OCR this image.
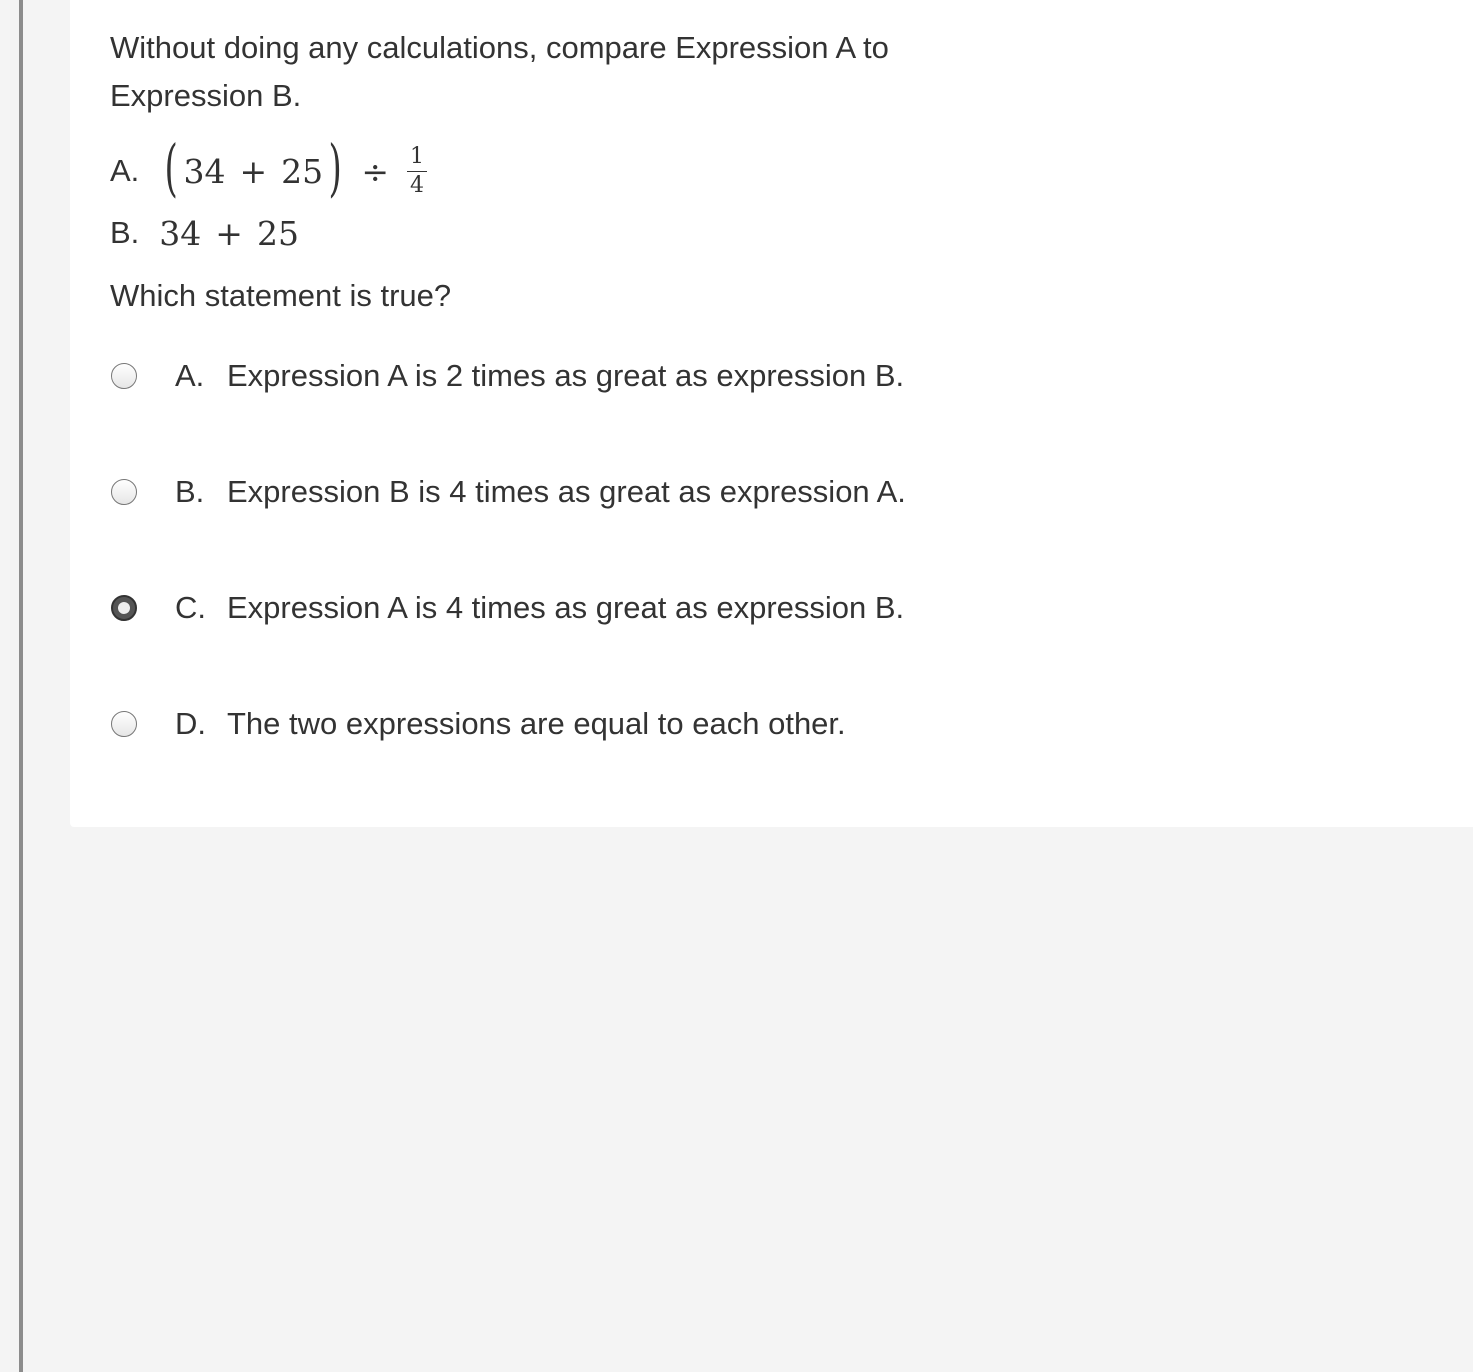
Without doing any calculations, compare Expression A to Expression B.
A. ( 34 + 25 ) ÷ $\frac{1}{4}$
B. 34 + 25
Which statement is true?
A. Expression A is 2 times as great as expression B.
B. Expression B is 4 times as great as expression A.
C. Expression A is 4 times as great as expression B.
D. The two expressions are equal to each other.
